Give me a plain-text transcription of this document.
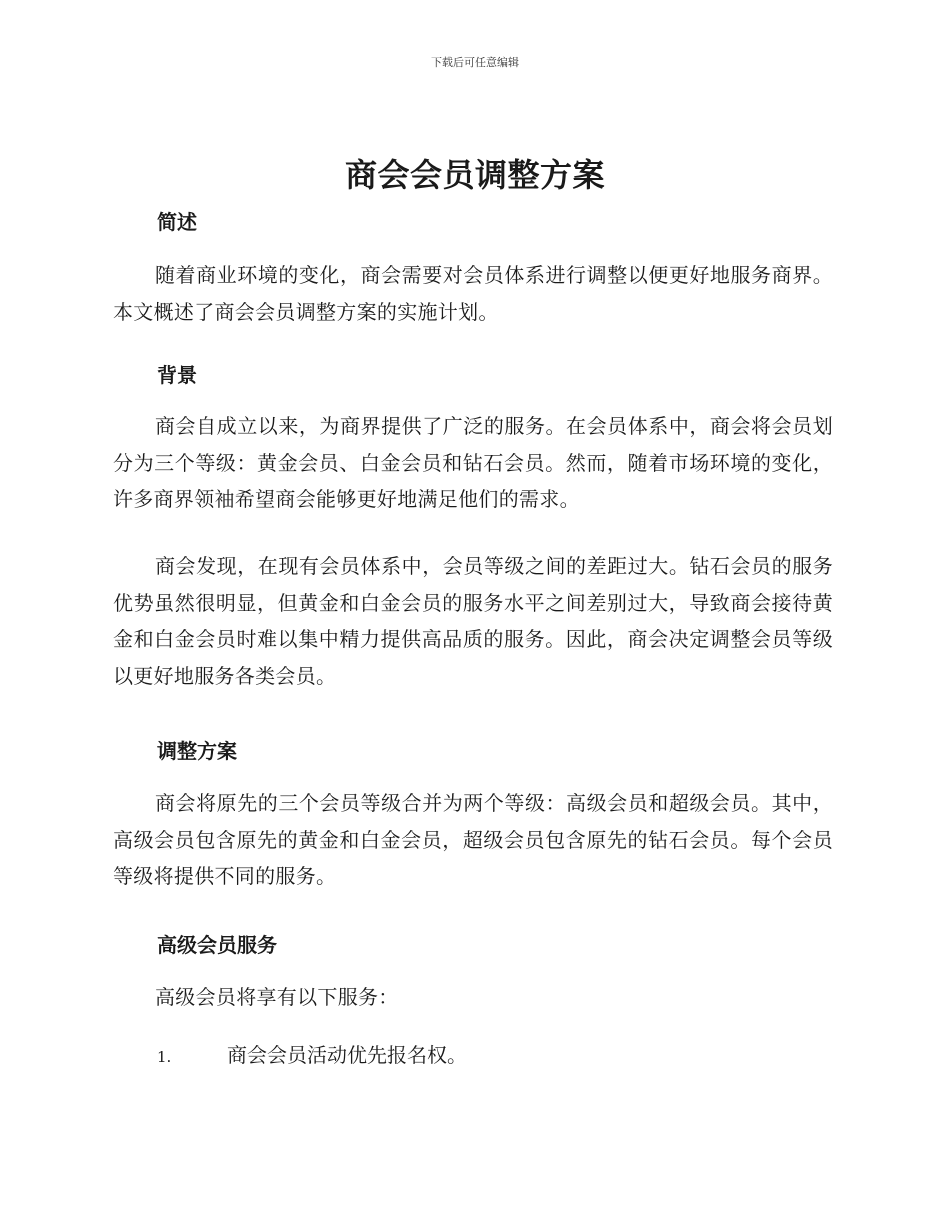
下载后可任意编辑
商会会员调整方案
简述
随着商业环境的变化，商会需要对会员体系进行调整以便更好地服务商界。本文概述了商会会员调整方案的实施计划。
背景
商会自成立以来，为商界提供了广泛的服务。在会员体系中，商会将会员划分为三个等级：黄金会员、白金会员和钻石会员。然而，随着市场环境的变化，许多商界领袖希望商会能够更好地满足他们的需求。
商会发现，在现有会员体系中，会员等级之间的差距过大。钻石会员的服务优势虽然很明显，但黄金和白金会员的服务水平之间差别过大，导致商会接待黄金和白金会员时难以集中精力提供高品质的服务。因此，商会决定调整会员等级以更好地服务各类会员。
调整方案
商会将原先的三个会员等级合并为两个等级：高级会员和超级会员。其中，高级会员包含原先的黄金和白金会员，超级会员包含原先的钻石会员。每个会员等级将提供不同的服务。
高级会员服务
高级会员将享有以下服务：
1.	商会会员活动优先报名权。
